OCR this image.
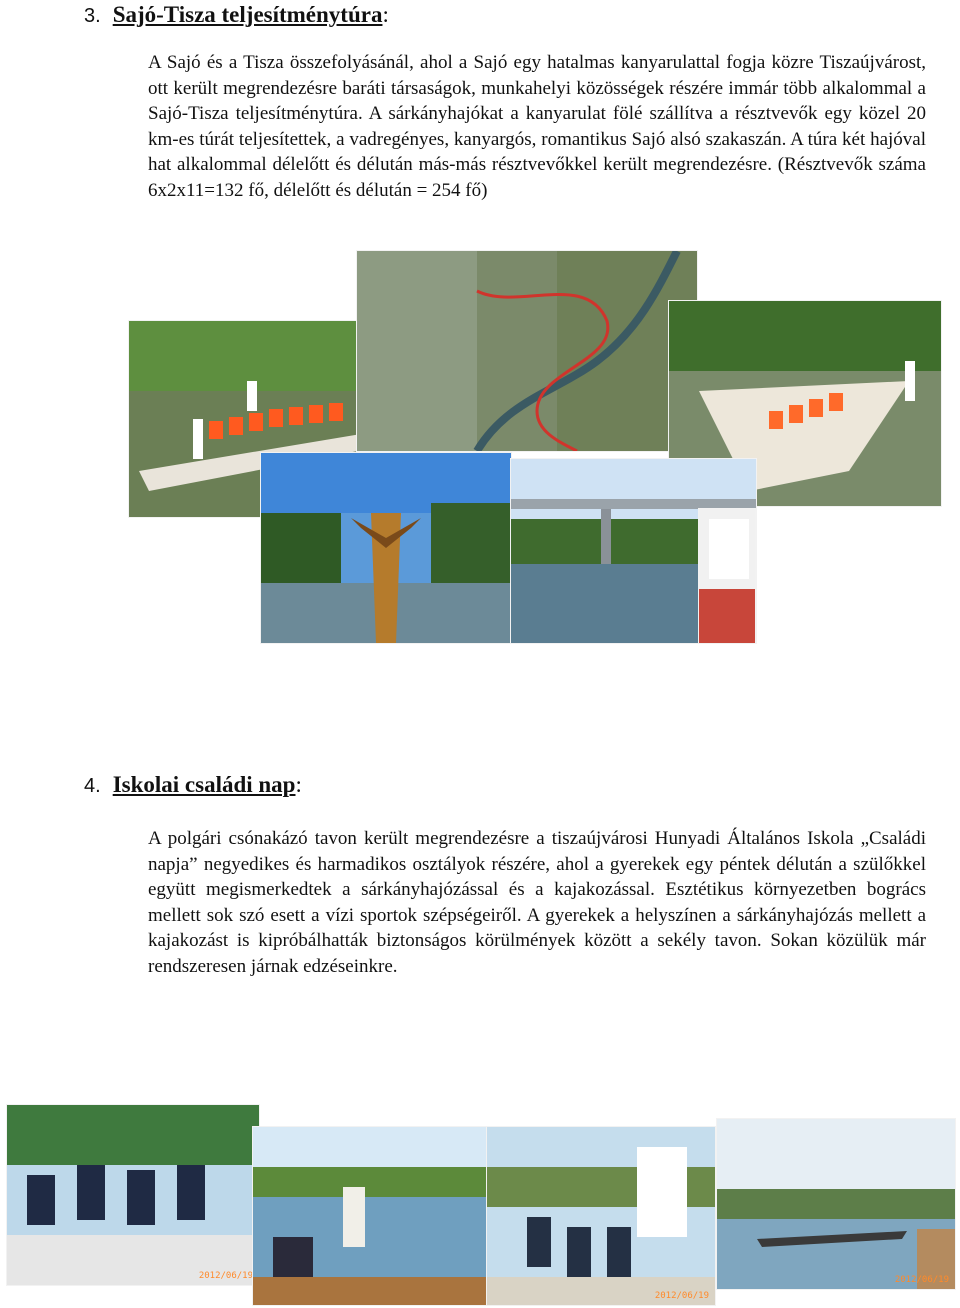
3. Sajó-Tisza teljesítménytúra:

A Sajó és a Tisza összefolyásánál, ahol a Sajó egy hatalmas kanyarulattal fogja közre Tiszaújvárost, ott került megrendezésre baráti társaságok, munkahelyi közösségek részére immár több alkalommal a Sajó-Tisza teljesítménytúra. A sárkányhajókat a kanyarulat fölé szállítva a résztvevők egy közel 20 km-es túrát teljesítettek, a vadregényes, kanyargós, romantikus Sajó alsó szakaszán. A túra két hajóval hat alkalommal délelőtt és délután más-más résztvevőkkel került megrendezésre. (Résztvevők száma 6x2x11=132 fő, délelőtt és délután = 254 fő)

4. Iskolai családi nap:

A polgári csónakázó tavon került megrendezésre a tiszaújvárosi Hunyadi Általános Iskola „Családi napja” negyedikes és harmadikos osztályok részére, ahol a gyerekek egy péntek délután a szülőkkel együtt megismerkedtek a sárkányhajózással és a kajakozással. Esztétikus környezetben bogrács mellett sok szó esett a vízi sportok szépségeiről. A gyerekek a helyszínen a sárkányhajózás mellett a kajakozást is kipróbálhatták biztonságos körülmények között a sekély tavon. Sokan közülük már rendszeresen járnak edzéseinkre.

2012/06/19
2012/06/19
2012/06/19
